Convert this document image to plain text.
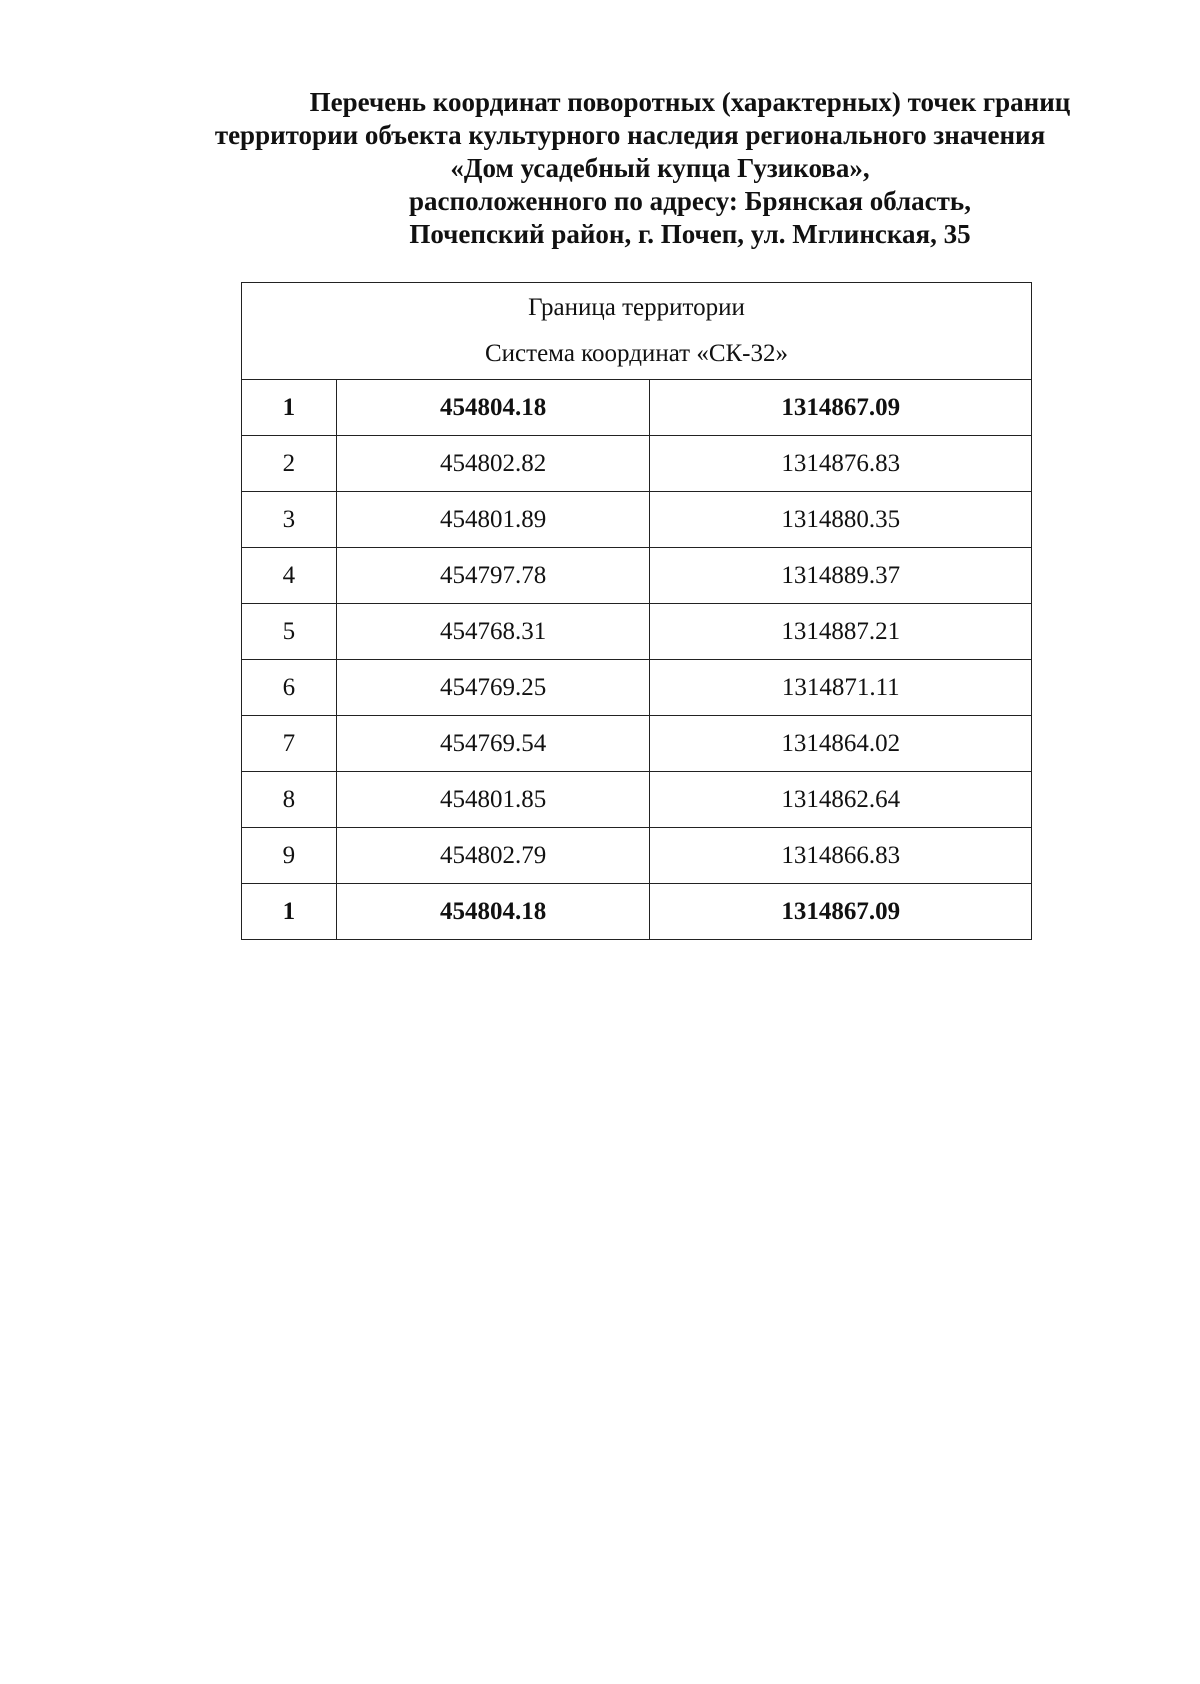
Перечень координат поворотных (характерных) точек границ
территории объекта культурного наследия регионального значения
«Дом усадебный купца Гузикова»,
расположенного по адресу: Брянская область,
Почепский район, г. Почеп, ул. Мглинская, 35
Граница территории
Система координат «СК-32»		

1	454804.18	1314867.09
2	454802.82	1314876.83
3	454801.89	1314880.35
4	454797.78	1314889.37
5	454768.31	1314887.21
6	454769.25	1314871.11
7	454769.54	1314864.02
8	454801.85	1314862.64
9	454802.79	1314866.83
1	454804.18	1314867.09
